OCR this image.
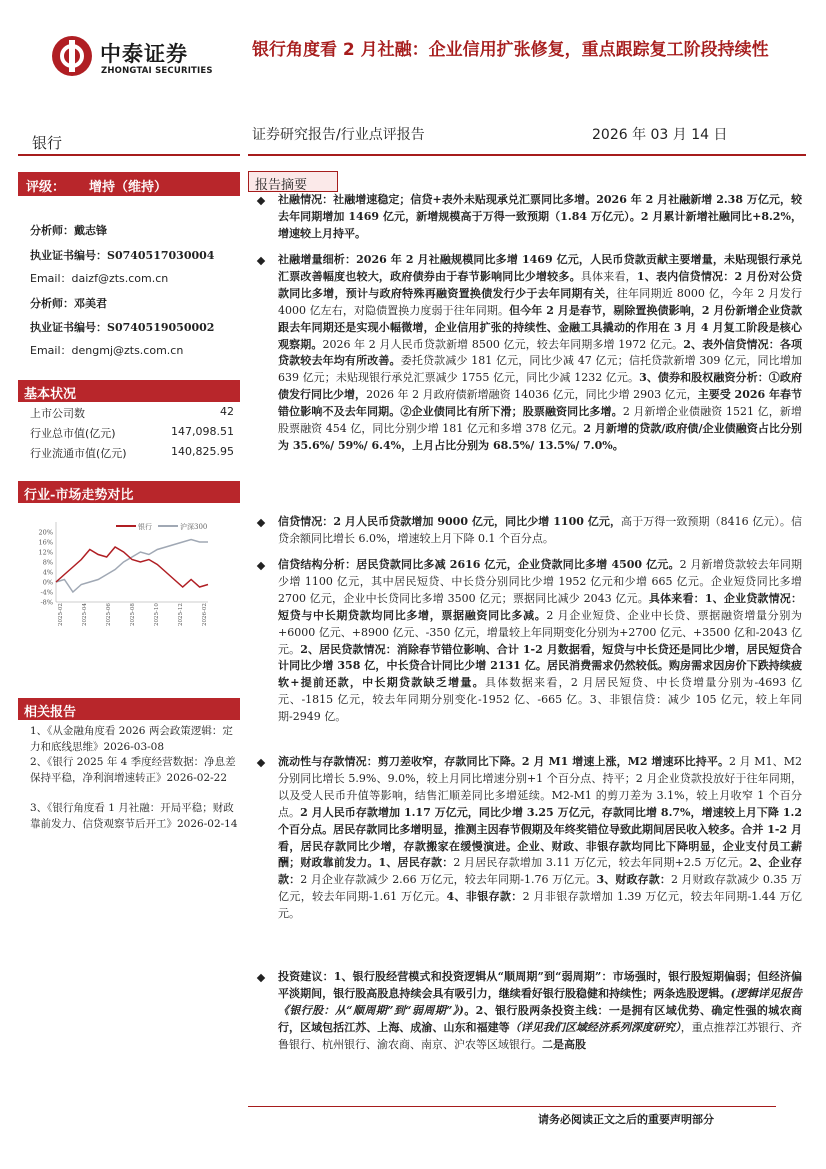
中泰证券
ZHONGTAI SECURITIES
银行角度看 2 月社融：企业信用扩张修复，重点跟踪复工阶段持续性
银行	证券研究报告/行业点评报告	2026 年 03 月 14 日
评级： 增持（维持）
分析师：戴志锋
执业证书编号：S0740517030004
Email：daizf@zts.com.cn
分析师：邓美君
执业证书编号：S0740519050002
Email：dengmj@zts.com.cn
基本状况
上市公司数	42
行业总市值(亿元)	147,098.51
行业流通市值(亿元)	140,825.95
行业-市场走势对比
20%
16%
12%
8%
4%
0%
-4%
-8%
2025-02	2025-04	2025-06	2025-08	2025-10	2025-12	2026-02
银行	沪深300
相关报告
1、《从金融角度看 2026 两会政策逻辑：定力和底线思维》2026-03-08
2、《银行 2025 年 4 季度经营数据：净息差保持平稳，净利润增速转正》2026-02-22
3、《银行角度看 1 月社融：开局平稳；财政靠前发力、信贷观察节后开工》2026-02-14
报告摘要
社融情况：社融增速稳定；信贷+表外未贴现承兑汇票同比多增。2026 年 2 月社融新增 2.38 万亿元，较去年同期增加 1469 亿元，新增规模高于万得一致预期（1.84 万亿元）。2 月累计新增社融同比+8.2%，增速较上月持平。
社融增量细析：2026 年 2 月社融规模同比多增 1469 亿元，人民币贷款贡献主要增量，未贴现银行承兑汇票改善幅度也较大，政府债券由于春节影响同比少增较多。具体来看，1、表内信贷情况：2 月份对公贷款同比多增，预计与政府特殊再融资置换债发行少于去年同期有关，往年同期近 8000 亿，今年 2 月发行 4000 亿左右，对隐债置换力度弱于往年同期。但今年 2 月是春节，剔除置换债影响，2 月份新增企业贷款跟去年同期还是实现小幅微增，企业信用扩张的持续性、金融工具撬动的作用在 3 月 4 月复工阶段是核心观察期。2026 年 2 月人民币贷款新增 8500 亿元，较去年同期多增 1972 亿元。2、表外信贷情况：各项贷款较去年均有所改善。委托贷款减少 181 亿元，同比少减 47 亿元；信托贷款新增 309 亿元，同比增加 639 亿元；未贴现银行承兑汇票减少 1755 亿元，同比少减 1232 亿元。3、债券和股权融资分析：①政府债发行同比少增，2026 年 2 月政府债新增融资 14036 亿元，同比少增 2903 亿元，主要受 2026 年春节错位影响不及去年同期。②企业债同比有所下滑；股票融资同比多增。2 月新增企业债融资 1521 亿，新增股票融资 454 亿，同比分别少增 181 亿元和多增 378 亿元。2 月新增的贷款/政府债/企业债融资占比分别为 35.6%/ 59%/ 6.4%，上月占比分别为 68.5%/ 13.5%/ 7.0%。
信贷情况：2 月人民币贷款增加 9000 亿元，同比少增 1100 亿元，高于万得一致预期（8416 亿元）。信贷余额同比增长 6.0%，增速较上月下降 0.1 个百分点。
信贷结构分析：居民贷款同比多减 2616 亿元，企业贷款同比多增 4500 亿元。2 月新增贷款较去年同期少增 1100 亿元，其中居民短贷、中长贷分别同比少增 1952 亿元和少增 665 亿元。企业短贷同比多增 2700 亿元，企业中长贷同比多增 3500 亿元；票据同比减少 2043 亿元。具体来看：1、企业贷款情况：短贷与中长期贷款均同比多增，票据融资同比多减。2 月企业短贷、企业中长贷、票据融资增量分别为+6000 亿元、+8900 亿元、-350 亿元，增量较上年同期变化分别为+2700 亿元、+3500 亿和-2043 亿元。2、居民贷款情况：消除春节错位影响、合计 1-2 月数据看，短贷与中长贷还是同比少增，居民短贷合计同比少增 358 亿，中长贷合计同比少增 2131 亿。居民消费需求仍然较低。购房需求因房价下跌持续疲软+提前还款，中长期贷款缺乏增量。具体数据来看，2 月居民短贷、中长贷增量分别为-4693 亿元、-1815 亿元，较去年同期分别变化-1952 亿、-665 亿。3、非银信贷：减少 105 亿元，较上年同期-2949 亿。
流动性与存款情况：剪刀差收窄，存款同比下降。2 月 M1 增速上涨，M2 增速环比持平。2 月 M1、M2 分别同比增长 5.9%、9.0%，较上月同比增速分别+1 个百分点、持平；2 月企业贷款投放好于往年同期，以及受人民币升值等影响，结售汇顺差同比多增延续。M2-M1 的剪刀差为 3.1%，较上月收窄 1 个百分点。2 月人民币存款增加 1.17 万亿元，同比少增 3.25 万亿元，存款同比增 8.7%，增速较上月下降 1.2 个百分点。居民存款同比多增明显，推测主因春节假期及年终奖错位导致此期间居民收入较多。合并 1-2 月看，居民存款同比少增，存款搬家在缓慢演进。企业、财政、非银存款均同比下降明显，企业支付员工薪酬；财政靠前发力。1、居民存款：2 月居民存款增加 3.11 万亿元，较去年同期+2.5 万亿元。2、企业存款：2 月企业存款减少 2.66 万亿元，较去年同期-1.76 万亿元。3、财政存款：2 月财政存款减少 0.35 万亿元，较去年同期-1.61 万亿元。4、非银存款：2 月非银存款增加 1.39 万亿元，较去年同期-1.44 万亿元。
投资建议：1、银行股经营模式和投资逻辑从“顺周期”到“弱周期”：市场强时，银行股短期偏弱；但经济偏平淡期间，银行股高股息持续会具有吸引力，继续看好银行股稳健和持续性；两条选股逻辑。(逻辑详见报告《银行股：从“顺周期”到“弱周期”》)。2、银行股两条投资主线：一是拥有区域优势、确定性强的城农商行，区域包括江苏、上海、成渝、山东和福建等（详见我们区域经济系列深度研究），重点推荐江苏银行、齐鲁银行、杭州银行、渝农商、南京、沪农等区域银行。二是高股
请务必阅读正文之后的重要声明部分
